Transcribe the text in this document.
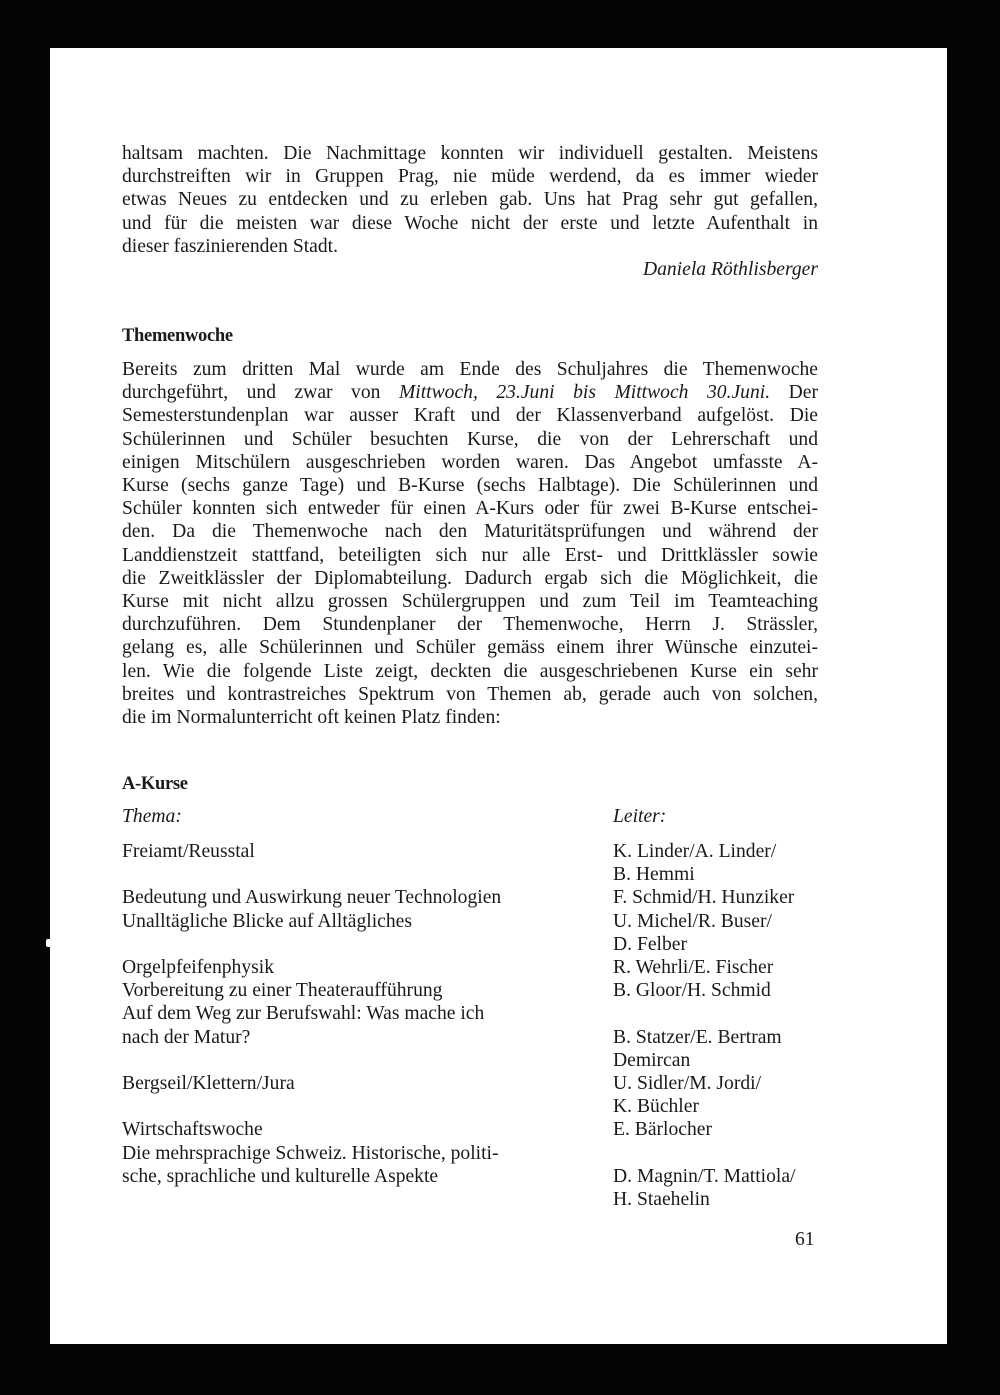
haltsam machten. Die Nachmittage konnten wir individuell gestalten. Meistens
durchstreiften wir in Gruppen Prag, nie müde werdend, da es immer wieder
etwas Neues zu entdecken und zu erleben gab. Uns hat Prag sehr gut gefallen,
und für die meisten war diese Woche nicht der erste und letzte Aufenthalt in
dieser faszinierenden Stadt.
Daniela Röthlisberger
Themenwoche
Bereits zum dritten Mal wurde am Ende des Schuljahres die Themenwoche
durchgeführt, und zwar von Mittwoch, 23.Juni bis Mittwoch 30.Juni. Der
Semesterstundenplan war ausser Kraft und der Klassenverband aufgelöst. Die
Schülerinnen und Schüler besuchten Kurse, die von der Lehrerschaft und
einigen Mitschülern ausgeschrieben worden waren. Das Angebot umfasste A-
Kurse (sechs ganze Tage) und B-Kurse (sechs Halbtage). Die Schülerinnen und
Schüler konnten sich entweder für einen A-Kurs oder für zwei B-Kurse entschei-
den. Da die Themenwoche nach den Maturitätsprüfungen und während der
Landdienstzeit stattfand, beteiligten sich nur alle Erst- und Drittklässler sowie
die Zweitklässler der Diplomabteilung. Dadurch ergab sich die Möglichkeit, die
Kurse mit nicht allzu grossen Schülergruppen und zum Teil im Teamteaching
durchzuführen. Dem Stundenplaner der Themenwoche, Herrn J. Strässler,
gelang es, alle Schülerinnen und Schüler gemäss einem ihrer Wünsche einzutei-
len. Wie die folgende Liste zeigt, deckten die ausgeschriebenen Kurse ein sehr
breites und kontrastreiches Spektrum von Themen ab, gerade auch von solchen,
die im Normalunterricht oft keinen Platz finden:
A-Kurse
Thema:	Leiter:
Freiamt/Reusstal
Bedeutung und Auswirkung neuer Technologien
Unalltägliche Blicke auf Alltägliches
Orgelpfeifenphysik
Vorbereitung zu einer Theateraufführung
Auf dem Weg zur Berufswahl: Was mache ich
nach der Matur?
Bergseil/Klettern/Jura
Wirtschaftswoche
Die mehrsprachige Schweiz. Historische, politi-
sche, sprachliche und kulturelle Aspekte
K. Linder/A. Linder/
B. Hemmi
F. Schmid/H. Hunziker
U. Michel/R. Buser/
D. Felber
R. Wehrli/E. Fischer
B. Gloor/H. Schmid
B. Statzer/E. Bertram
Demircan
U. Sidler/M. Jordi/
K. Büchler
E. Bärlocher
D. Magnin/T. Mattiola/
H. Staehelin
61
